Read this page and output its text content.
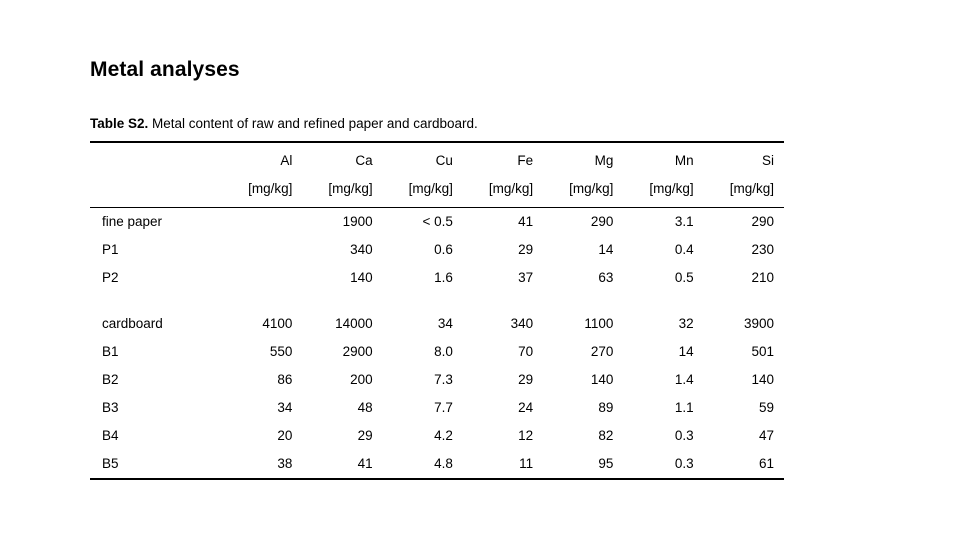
Metal analyses

Table S2. Metal content of raw and refined paper and cardboard.

	Al	Ca	Cu	Fe	Mg	Mn	Si
	[mg/kg]	[mg/kg]	[mg/kg]	[mg/kg]	[mg/kg]	[mg/kg]	[mg/kg]
fine paper		1900	< 0.5	41	290	3.1	290
P1		340	0.6	29	14	0.4	230
P2		140	1.6	37	63	0.5	210

cardboard	4100	14000	34	340	1100	32	3900
B1	550	2900	8.0	70	270	14	501
B2	86	200	7.3	29	140	1.4	140
B3	34	48	7.7	24	89	1.1	59
B4	20	29	4.2	12	82	0.3	47
B5	38	41	4.8	11	95	0.3	61
